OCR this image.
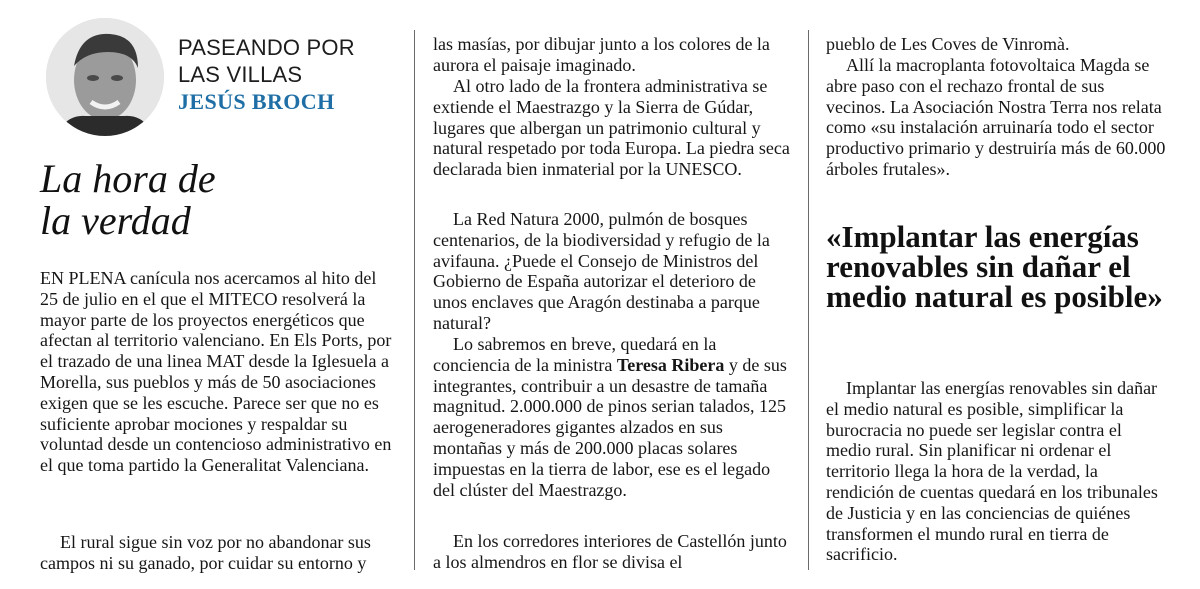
PASEANDO POR
LAS VILLAS
JESÚS BROCH
La hora de
la verdad

EN PLENA canícula nos acercamos al hito del 25 de julio en el que el MITECO resolverá la mayor parte de los proyectos energéticos que afectan al territorio valenciano. En Els Ports, por el trazado de una linea MAT desde la Iglesuela a Morella, sus pueblos y más de 50 asociaciones exigen que se les escuche. Parece ser que no es suficiente aprobar mociones y respaldar su voluntad desde un contencioso administrativo en el que toma partido la Generalitat Valenciana.

El rural sigue sin voz por no abandonar sus campos ni su ganado, por cuidar su entorno y

las masías, por dibujar junto a los colores de la aurora el paisaje imaginado.

Al otro lado de la frontera administrativa se extiende el Maestrazgo y la Sierra de Gúdar, lugares que albergan un patrimonio cultural y natural respetado por toda Europa. La piedra seca declarada bien inmaterial por la UNESCO.

La Red Natura 2000, pulmón de bosques centenarios, de la biodiversidad y refugio de la avifauna. ¿Puede el Consejo de Ministros del Gobierno de España autorizar el deterioro de unos enclaves que Aragón destinaba a parque natural?

Lo sabremos en breve, quedará en la conciencia de la ministra Teresa Ribera y de sus integrantes, contribuir a un desastre de tamaña magnitud. 2.000.000 de pinos serian talados, 125 aerogeneradores gigantes alzados en sus montañas y más de 200.000 placas solares impuestas en la tierra de labor, ese es el legado del clúster del Maestrazgo.

En los corredores interiores de Castellón junto a los almendros en flor se divisa el

pueblo de Les Coves de Vinromà.

Allí la macroplanta fotovoltaica Magda se abre paso con el rechazo frontal de sus vecinos. La Asociación Nostra Terra nos relata como «su instalación arruinaría todo el sector productivo primario y destruiría más de 60.000 árboles frutales».

«Implantar las energías renovables sin dañar el medio natural es posible»

Implantar las energías renovables sin dañar el medio natural es posible, simplificar la burocracia no puede ser legislar contra el medio rural. Sin planificar ni ordenar el territorio llega la hora de la verdad, la rendición de cuentas quedará en los tribunales de Justicia y en las conciencias de quiénes transformen el mundo rural en tierra de sacrificio.
